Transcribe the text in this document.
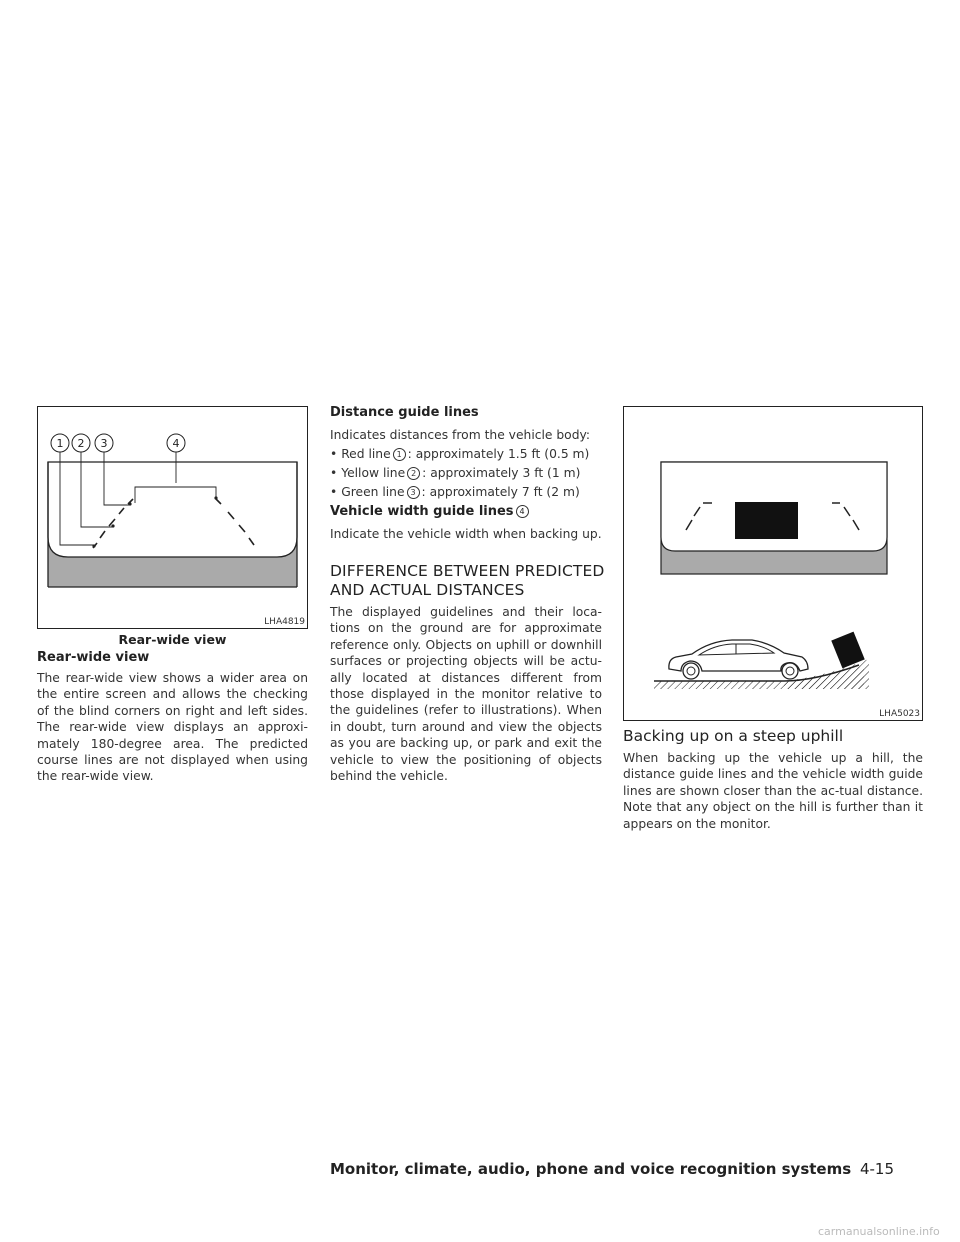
1 2 3	4
LHA4819
Rear-wide view
Rear-wide view
The rear-wide view shows a wider area on the entire screen and allows the checking of the blind corners on right and left sides. The rear-wide view displays an approxi-mately 180-degree area. The predicted course lines are not displayed when using the rear-wide view.
Distance guide lines
Indicates distances from the vehicle body:
• Red line 1 : approximately 1.5 ft (0.5 m)
• Yellow line 2 : approximately 3 ft (1 m)
• Green line 3 : approximately 7 ft (2 m)
Vehicle width guide lines 4
Indicate the vehicle width when backing up.
DIFFERENCE BETWEEN PREDICTED
AND ACTUAL DISTANCES
The displayed guidelines and their loca-tions on the ground are for approximate reference only. Objects on uphill or downhill surfaces or projecting objects will be actu-ally located at distances different from those displayed in the monitor relative to the guidelines (refer to illustrations). When in doubt, turn around and view the objects as you are backing up, or park and exit the vehicle to view the positioning of objects behind the vehicle.
LHA5023
Backing up on a steep uphill
When backing up the vehicle up a hill, the distance guide lines and the vehicle width guide lines are shown closer than the ac-tual distance. Note that any object on the hill is further than it appears on the monitor.
Monitor, climate, audio, phone and voice recognition systems 4-15
carmanualsonline.info
